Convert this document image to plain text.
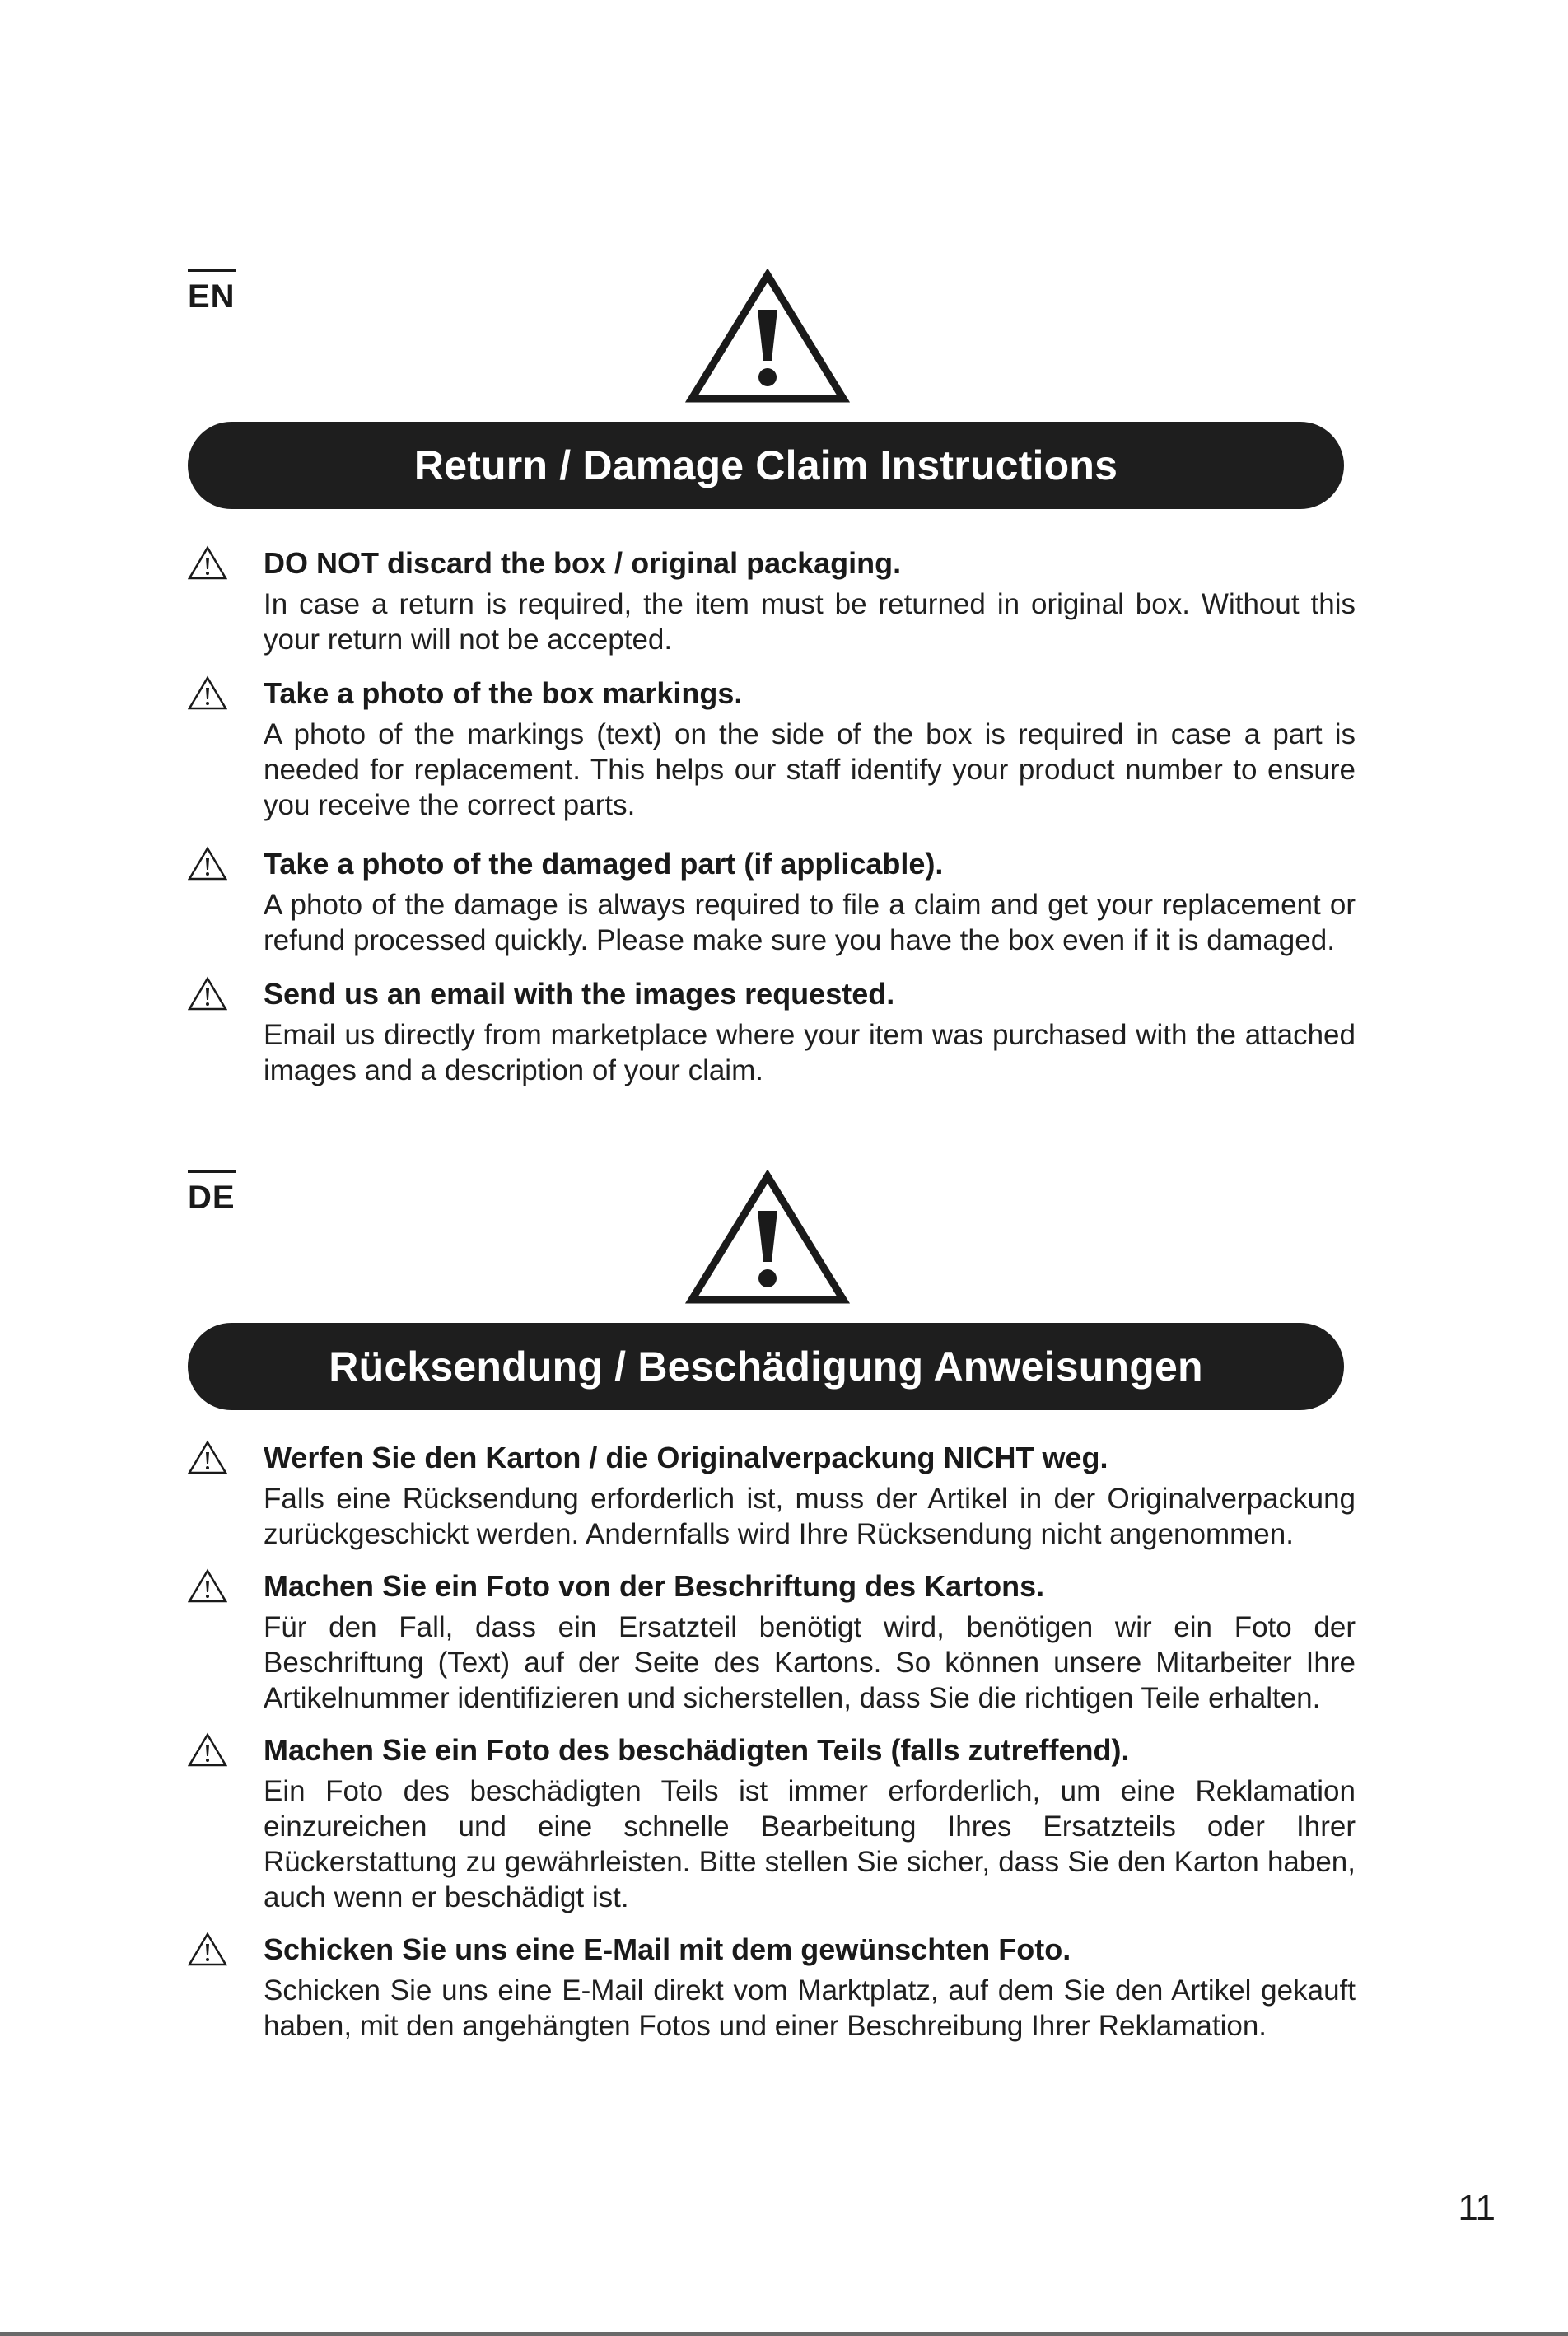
EN
Return / Damage Claim Instructions

DO NOT discard the box / original packaging.

In case a return is required, the item must be returned in original box. Without this your return will not be accepted.

Take a photo of the box markings.

A photo of the markings (text) on the side of the box is required in case a part is needed for replacement. This helps our staff identify your product number to ensure you receive the correct parts.

Take a photo of the damaged part (if applicable).

A photo of the damage is always required to file a claim and get your replacement or refund processed quickly. Please make sure you have the box even if it is damaged.

Send us an email with the images requested.

Email us directly from marketplace where your item was purchased with the attached images and a description of your claim.

DE
Rücksendung / Beschädigung Anweisungen

Werfen Sie den Karton / die Originalverpackung NICHT weg.

Falls eine Rücksendung erforderlich ist, muss der Artikel in der Originalverpackung zurückgeschickt werden. Andernfalls wird Ihre Rücksendung nicht angenommen.

Machen Sie ein Foto von der Beschriftung des Kartons.

Für den Fall, dass ein Ersatzteil benötigt wird, benötigen wir ein Foto der Beschriftung (Text) auf der Seite des Kartons. So können unsere Mitarbeiter Ihre Artikelnummer identifizieren und sicherstellen, dass Sie die richtigen Teile erhalten.

Machen Sie ein Foto des beschädigten Teils (falls zutreffend).

Ein Foto des beschädigten Teils ist immer erforderlich, um eine Reklamation einzureichen und eine schnelle Bearbeitung Ihres Ersatzteils oder Ihrer Rückerstattung zu gewährleisten. Bitte stellen Sie sicher, dass Sie den Karton haben, auch wenn er beschädigt ist.

Schicken Sie uns eine E-Mail mit dem gewünschten Foto.

Schicken Sie uns eine E-Mail direkt vom Marktplatz, auf dem Sie den Artikel gekauft haben, mit den angehängten Fotos und einer Beschreibung Ihrer Reklamation.

11
